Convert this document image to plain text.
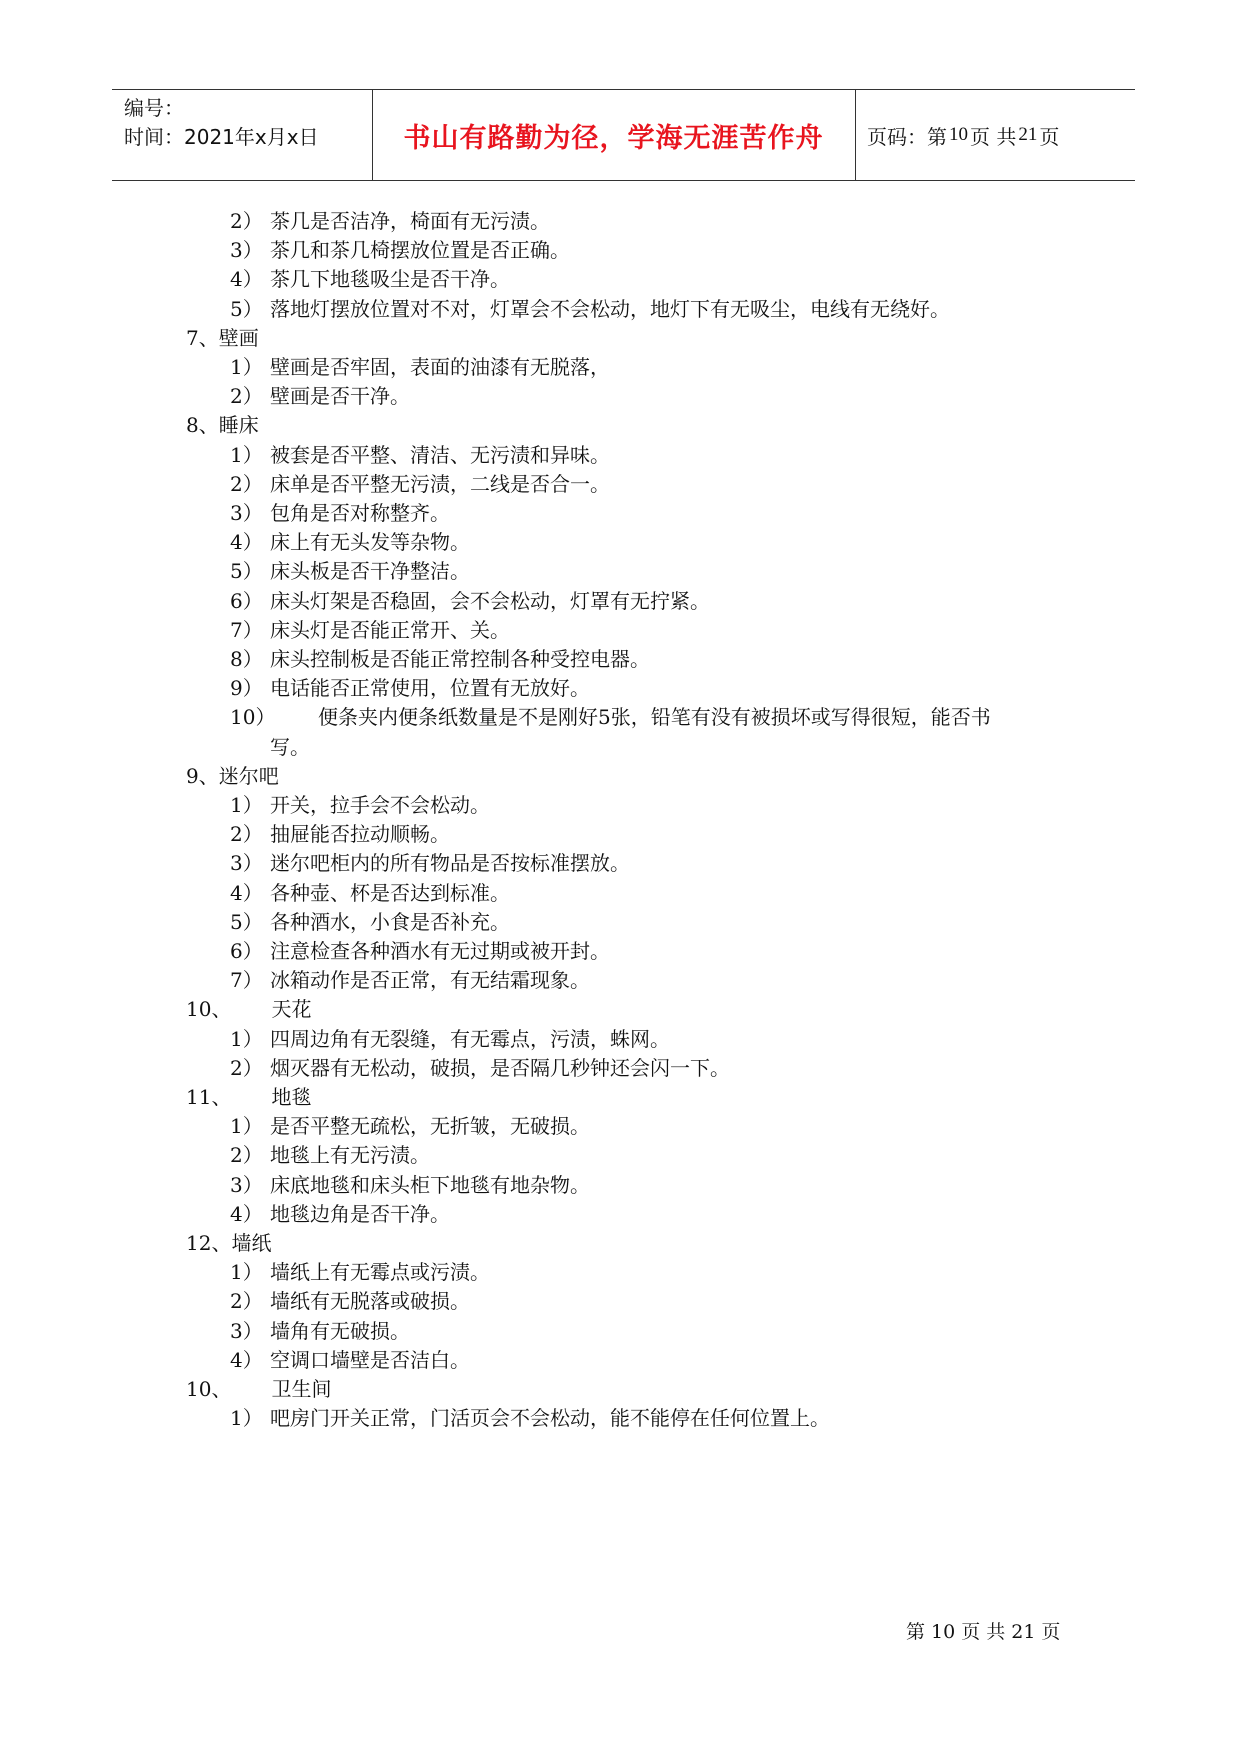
编号：
时间：2021年x月x日	书山有路勤为径，学海无涯苦作舟	页码：第 10 页 共 21 页
2） 茶几是否洁净，椅面有无污渍。
3） 茶几和茶几椅摆放位置是否正确。
4） 茶几下地毯吸尘是否干净。
5） 落地灯摆放位置对不对，灯罩会不会松动，地灯下有无吸尘，电线有无绕好。
7、壁画
1） 壁画是否牢固，表面的油漆有无脱落，
2） 壁画是否干净。
8、睡床
1） 被套是否平整、清洁、无污渍和异味。
2） 床单是否平整无污渍，二线是否合一。
3） 包角是否对称整齐。
4） 床上有无头发等杂物。
5） 床头板是否干净整洁。
6） 床头灯架是否稳固，会不会松动，灯罩有无拧紧。
7） 床头灯是否能正常开、关。
8） 床头控制板是否能正常控制各种受控电器。
9） 电话能否正常使用，位置有无放好。
10） 便条夹内便条纸数量是不是刚好5张，铅笔有没有被损坏或写得很短，能否书
写。
9、迷尔吧
1） 开关，拉手会不会松动。
2） 抽屉能否拉动顺畅。
3） 迷尔吧柜内的所有物品是否按标准摆放。
4） 各种壶、杯是否达到标准。
5） 各种酒水，小食是否补充。
6） 注意检查各种酒水有无过期或被开封。
7） 冰箱动作是否正常，有无结霜现象。
10、 天花
1） 四周边角有无裂缝，有无霉点，污渍，蛛网。
2） 烟灭器有无松动，破损，是否隔几秒钟还会闪一下。
11、 地毯
1） 是否平整无疏松，无折皱，无破损。
2） 地毯上有无污渍。
3） 床底地毯和床头柜下地毯有地杂物。
4） 地毯边角是否干净。
12、墙纸
1） 墙纸上有无霉点或污渍。
2） 墙纸有无脱落或破损。
3） 墙角有无破损。
4） 空调口墙壁是否洁白。
10、 卫生间
1） 吧房门开关正常，门活页会不会松动，能不能停在任何位置上。
第 10 页 共 21 页
